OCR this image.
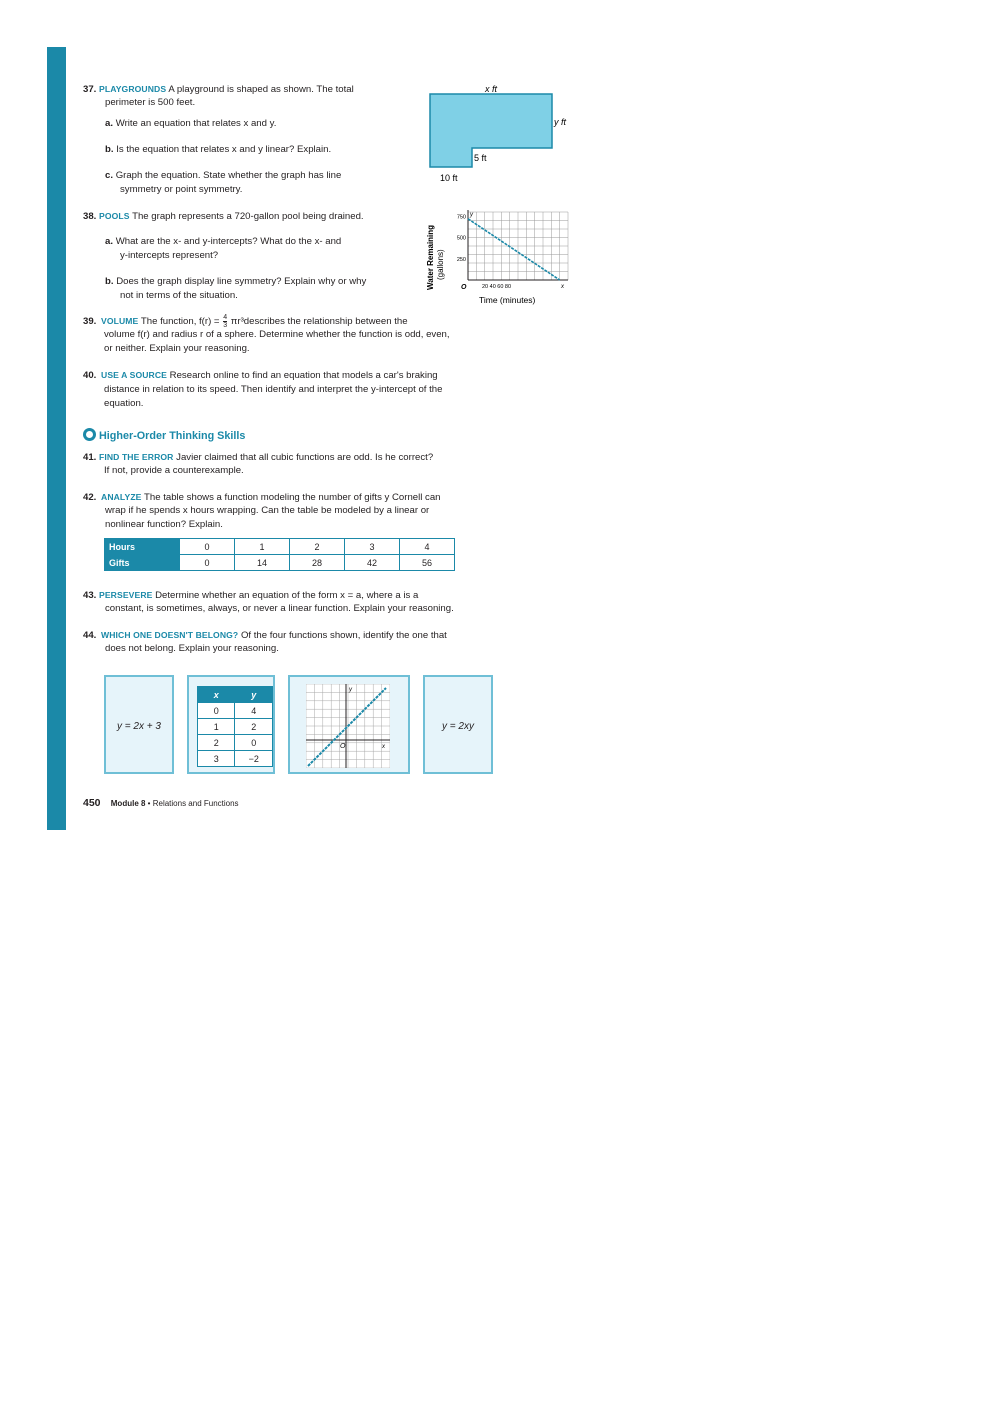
37. PLAYGROUNDS A playground is shaped as shown. The total
perimeter is 500 feet.
a. Write an equation that relates x and y.
b. Is the equation that relates x and y linear? Explain.
c. Graph the equation. State whether the graph has line
symmetry or point symmetry.
x ft
y ft
5 ft
10 ft
38. POOLS The graph represents a 720-gallon pool being drained.
a. What are the x- and y-intercepts? What do the x- and
y-intercepts represent?
b. Does the graph display line symmetry? Explain why or why
not in terms of the situation.
Water Remaining (gallons)
O	20 40 60 80	x
y
Time (minutes)
750
500
250
39. VOLUME The function, $f(r) = \frac{4}{3}$ πr³describes the relationship between the
volume f(r) and radius r of a sphere. Determine whether the function is odd, even,
or neither. Explain your reasoning.
40. USE A SOURCE Research online to find an equation that models a car's braking
distance in relation to its speed. Then identify and interpret the y-intercept of the
equation.
Higher-Order Thinking Skills
41. FIND THE ERROR Javier claimed that all cubic functions are odd. Is he correct?
If not, provide a counterexample.
42. ANALYZE The table shows a function modeling the number of gifts y Cornell can
wrap if he spends x hours wrapping. Can the table be modeled by a linear or
nonlinear function? Explain.
Hours	0	1	2	3	4
Gifts	0	14	28	42	56
43. PERSEVERE Determine whether an equation of the form x = a, where a is a
constant, is sometimes, always, or never a linear function. Explain your reasoning.
44. WHICH ONE DOESN'T BELONG? Of the four functions shown, identify the one that
does not belong. Explain your reasoning.
y = 2x + 3
x	y
0	4
1	2
2	0
3	−2
O	x
y
y = 2xy
450 Module 8 • Relations and Functions
